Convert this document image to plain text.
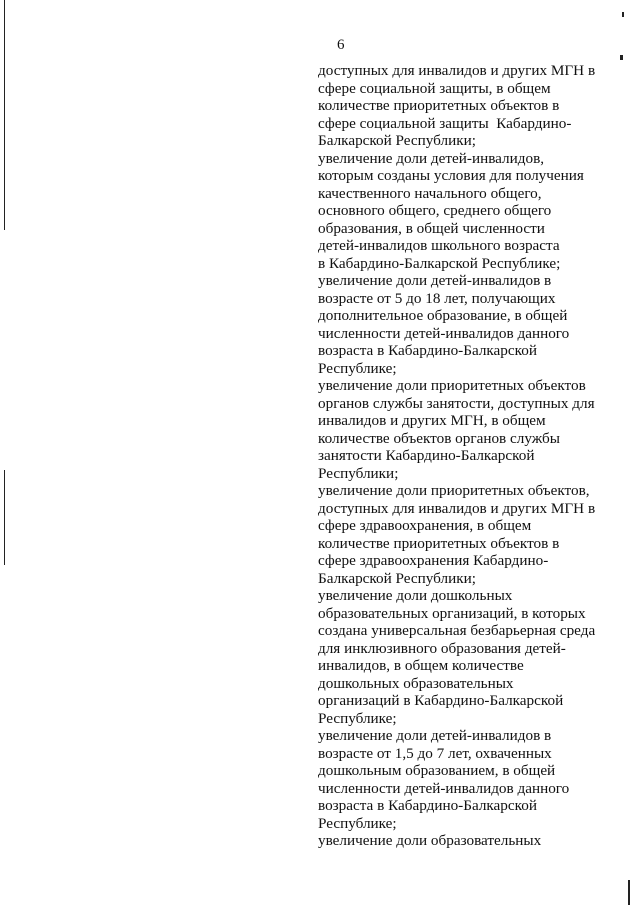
6
доступных для инвалидов и других МГН в
сфере социальной защиты, в общем
количестве приоритетных объектов в
сфере социальной защиты  Кабардино-
Балкарской Республики;
увеличение доли детей-инвалидов,
которым созданы условия для получения
качественного начального общего,
основного общего, среднего общего
образования, в общей численности
детей-инвалидов школьного возраста
в Кабардино-Балкарской Республике;
увеличение доли детей-инвалидов в
возрасте от 5 до 18 лет, получающих
дополнительное образование, в общей
численности детей-инвалидов данного
возраста в Кабардино-Балкарской
Республике;
увеличение доли приоритетных объектов
органов службы занятости, доступных для
инвалидов и других МГН, в общем
количестве объектов органов службы
занятости Кабардино-Балкарской
Республики;
увеличение доли приоритетных объектов,
доступных для инвалидов и других МГН в
сфере здравоохранения, в общем
количестве приоритетных объектов в
сфере здравоохранения Кабардино-
Балкарской Республики;
увеличение доли дошкольных
образовательных организаций, в которых
создана универсальная безбарьерная среда
для инклюзивного образования детей-
инвалидов, в общем количестве
дошкольных образовательных
организаций в Кабардино-Балкарской
Республике;
увеличение доли детей-инвалидов в
возрасте от 1,5 до 7 лет, охваченных
дошкольным образованием, в общей
численности детей-инвалидов данного
возраста в Кабардино-Балкарской
Республике;
увеличение доли образовательных
